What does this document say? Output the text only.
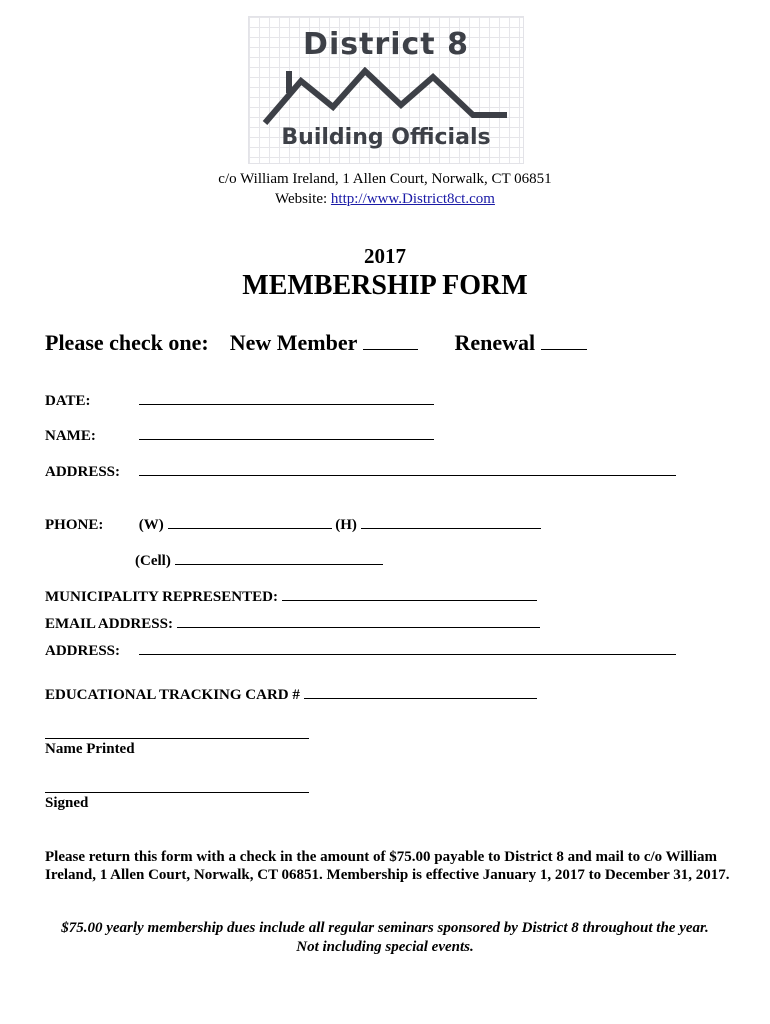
District 8
Building Officials
c/o William Ireland, 1 Allen Court, Norwalk, CT 06851
Website: http://www.District8ct.com
2017
MEMBERSHIP FORM
Please check one: New Member	Renewal
DATE:
NAME:
ADDRESS:
PHONE: (W)	(H)
(Cell)
MUNICIPALITY REPRESENTED:
EMAIL ADDRESS:
ADDRESS:
EDUCATIONAL TRACKING CARD #
Name Printed
Signed
Please return this form with a check in the amount of $75.00 payable to District 8 and mail to c/o William Ireland, 1 Allen Court, Norwalk, CT 06851. Membership is effective January 1, 2017 to December 31, 2017.
$75.00 yearly membership dues include all regular seminars sponsored by District 8 throughout the year.
Not including special events.
